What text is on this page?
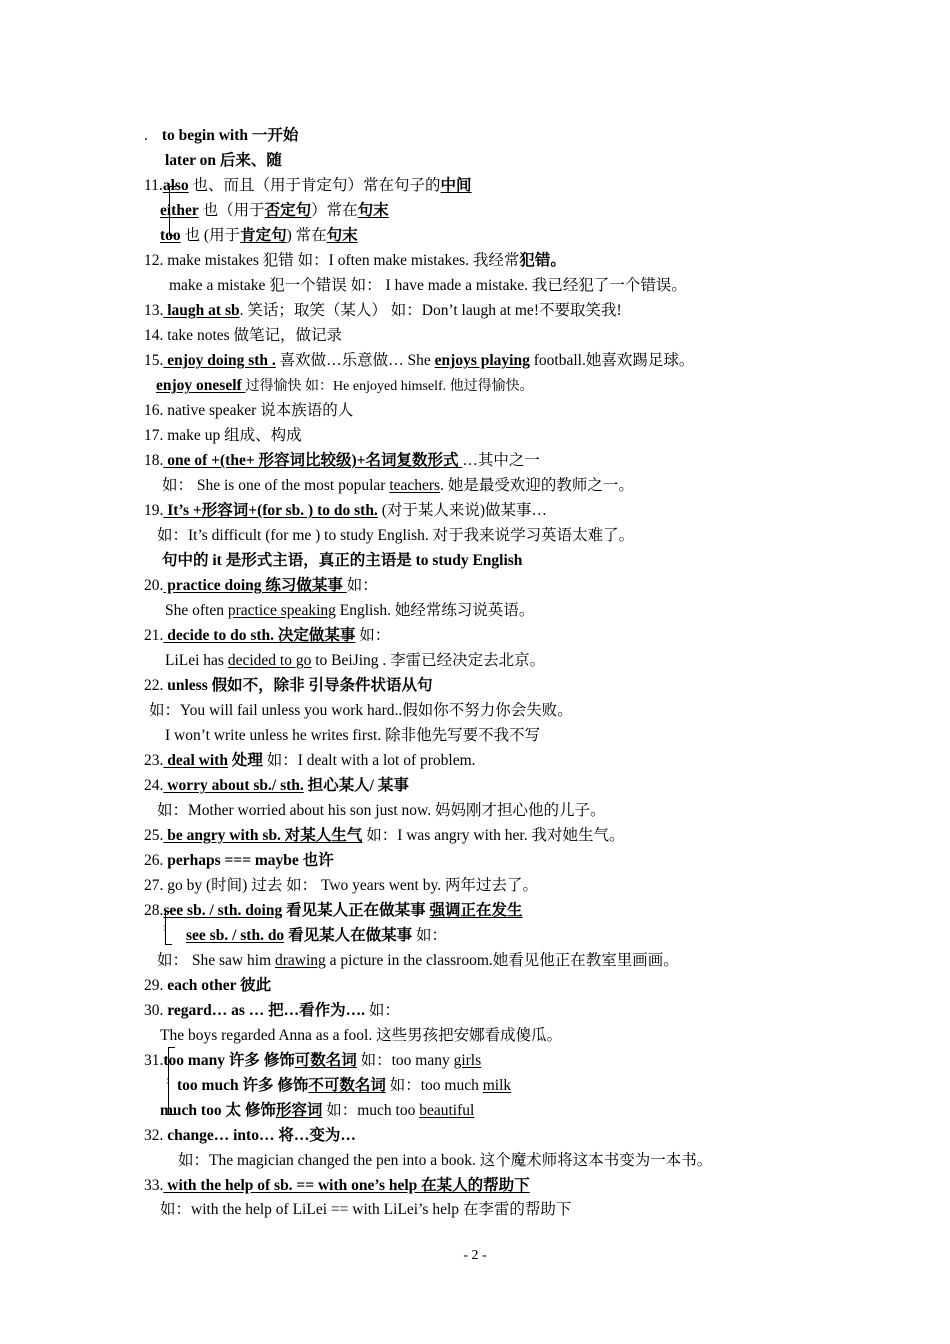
. to begin with 一开始
later on 后来、随
11.also 也、而且（用于肯定句）常在句子的中间
either 也（用于否定句）常在句末
too 也 (用于肯定句) 常在句末
12. make mistakes 犯错 如：I often make mistakes. 我经常犯错。
make a mistake 犯一个错误 如： I have made a mistake. 我已经犯了一个错误。
13. laugh at sb. 笑话；取笑（某人） 如：Don’t laugh at me!不要取笑我!
14. take notes 做笔记，做记录
15. enjoy doing sth . 喜欢做…乐意做… She enjoys playing football.她喜欢踢足球。
enjoy oneself 过得愉快 如：He enjoyed himself. 他过得愉快。
16. native speaker 说本族语的人
17. make up 组成、构成
18. one of +(the+ 形容词比较级)+名词复数形式 …其中之一
如： She is one of the most popular teachers. 她是最受欢迎的教师之一。
19. It’s +形容词+(for sb. ) to do sth. (对于某人来说)做某事…
如：It’s difficult (for me ) to study English. 对于我来说学习英语太难了。
句中的 it 是形式主语，真正的主语是 to study English
20. practice doing 练习做某事 如：
She often practice speaking English. 她经常练习说英语。
21. decide to do sth. 决定做某事 如：
LiLei has decided to go to BeiJing . 李雷已经决定去北京。
22. unless 假如不，除非 引导条件状语从句
如：You will fail unless you work hard..假如你不努力你会失败。
I won’t write unless he writes first. 除非他先写要不我不写
23. deal with 处理 如：I dealt with a lot of problem.
24. worry about sb./ sth. 担心某人/ 某事
如：Mother worried about his son just now. 妈妈刚才担心他的儿子。
25. be angry with sb. 对某人生气 如：I was angry with her. 我对她生气。
26. perhaps === maybe 也许
27. go by (时间) 过去 如： Two years went by. 两年过去了。
28.see sb. / sth. doing 看见某人正在做某事 强调正在发生
see sb. / sth. do 看见某人在做某事 如：
如： She saw him drawing a picture in the classroom.她看见他正在教室里画画。
29. each other 彼此
30. regard… as … 把…看作为…. 如：
The boys regarded Anna as a fool. 这些男孩把安娜看成傻瓜。
31.too many 许多 修饰可数名词 如：too many girls
too much 许多 修饰不可数名词 如：too much milk
much too 太 修饰形容词 如：much too beautiful
32. change… into… 将…变为…
如：The magician changed the pen into a book. 这个魔术师将这本书变为一本书。
33. with the help of sb. == with one’s help 在某人的帮助下
如：with the help of LiLei == with LiLei’s help 在李雷的帮助下
- 2 -
